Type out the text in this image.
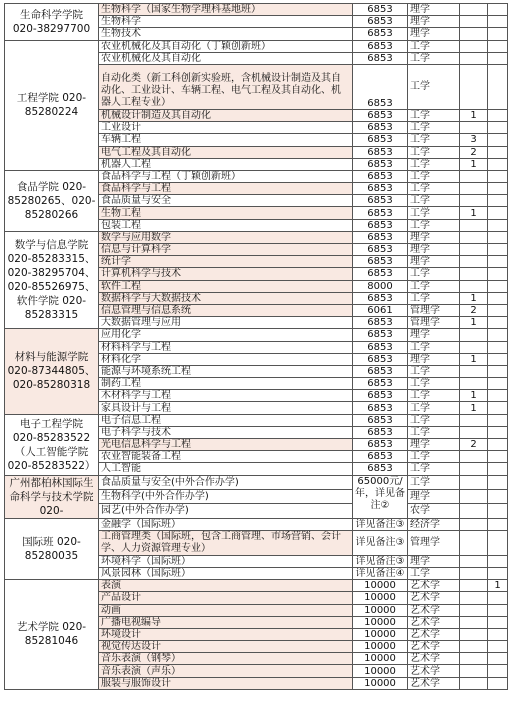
生命科学学院 020-38297700	生物科学（国家生物学理科基地班）	6853	理学		
	生物科学	6853	理学		
	生物技术	6853	理学		
工程学院 020-85280224	农业机械化及其自动化（丁颖创新班）	6853	工学		
	农业机械化及其自动化	6853	工学		
	自动化类（新工科创新实验班，含机械设计制造及其自动化、工业设计、车辆工程、电气工程及其自动化、机器人工程专业）	6853	工学		
	机械设计制造及其自动化	6853	工学	1	
	工业设计	6853	工学		
	车辆工程	6853	工学	3	
	电气工程及其自动化	6853	工学	2	
	机器人工程	6853	工学	1	
食品学院 020-85280265、020-85280266	食品科学与工程（丁颖创新班）	6853	工学		
	食品科学与工程	6853	工学		
	食品质量与安全	6853	工学		
	生物工程	6853	工学	1	
	包装工程	6853	工学		
数学与信息学院 020-85283315、020-38295704、020-85526975、软件学院 020-85283315	数学与应用数学	6853	理学		
	信息与计算科学	6853	理学		
	统计学	6853	理学		
	计算机科学与技术	6853	工学		
	软件工程	8000	工学		
	数据科学与大数据技术	6853	工学	1	
	信息管理与信息系统	6061	管理学	2	
	大数据管理与应用	6853	管理学	1	
材料与能源学院 020-87344805、020-85280318	应用化学	6853	理学		
	材料科学与工程	6853	工学		
	材料化学	6853	理学	1	
	能源与环境系统工程	6853	工学		
	制药工程	6853	工学		
	木材科学与工程	6853	工学	1	
	家具设计与工程	6853	工学	1	
电子工程学院 020-85283522（人工智能学院 020-85283522）	电子信息工程	6853	工学		
	电子科学与技术	6853	工学		
	光电信息科学与工程	6853	理学	2	
	农业智能装备工程	6853	工学		
	人工智能	6853	工学		
广州都柏林国际生命科学与技术学院 020-	食品质量与安全(中外合作办学)	65000元/年，详见备注②	工学		
	生物科学(中外合作办学)		理学		
	园艺(中外合作办学)		农学		
国际班 020-85280035	金融学（国际班）	详见备注③	经济学		
	工商管理类（国际班，包含工商管理、市场营销、会计学、人力资源管理专业）	详见备注③	管理学		
	环境科学（国际班）	详见备注③	理学		
	风景园林（国际班）	详见备注④	工学		
艺术学院 020-85281046	表演	10000	艺术学		1
	产品设计	10000	艺术学		
	动画	10000	艺术学		
	广播电视编导	10000	艺术学		
	环境设计	10000	艺术学		
	视觉传达设计	10000	艺术学		
	音乐表演（钢琴）	10000	艺术学		
	音乐表演（声乐）	10000	艺术学		
	服装与服饰设计	10000	艺术学		
